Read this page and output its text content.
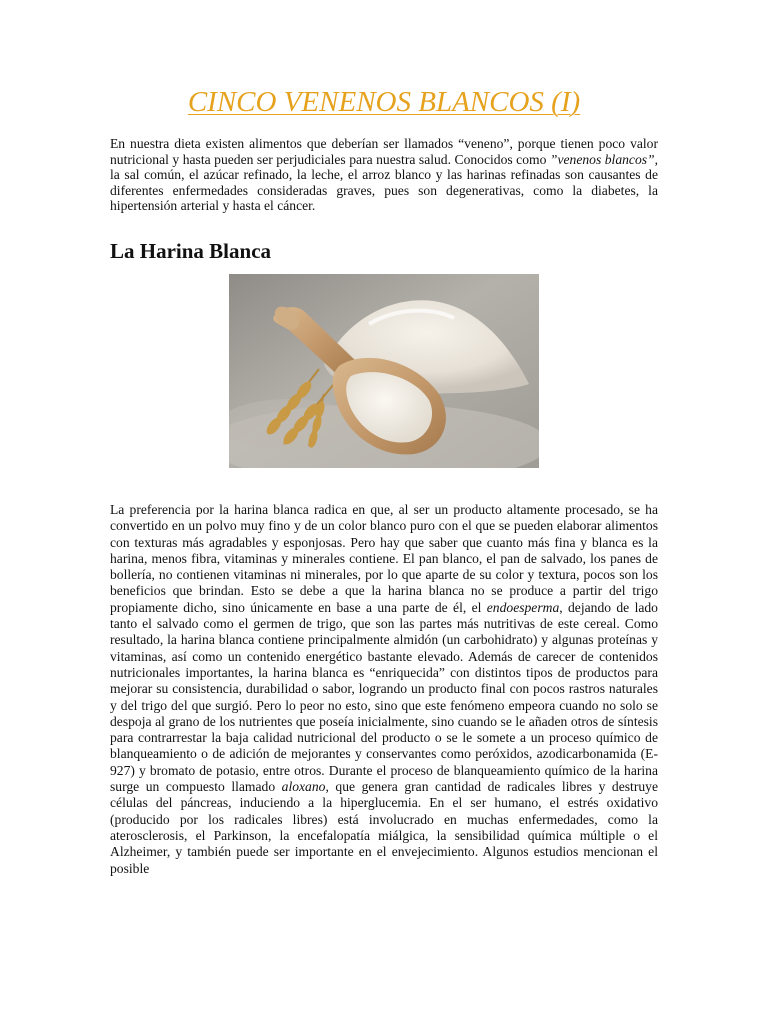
CINCO VENENOS BLANCOS (I)

En nuestra dieta existen alimentos que deberían ser llamados “veneno”, porque tienen poco valor nutricional y hasta pueden ser perjudiciales para nuestra salud. Conocidos como ”venenos blancos”, la sal común, el azúcar refinado, la leche, el arroz blanco y las harinas refinadas son causantes de diferentes enfermedades consideradas graves, pues son degenerativas, como la diabetes, la hipertensión arterial y hasta el cáncer.

La Harina Blanca

La preferencia por la harina blanca radica en que, al ser un producto altamente procesado, se ha convertido en un polvo muy fino y de un color blanco puro con el que se pueden elaborar alimentos con texturas más agradables y esponjosas. Pero hay que saber que cuanto más fina y blanca es la harina, menos fibra, vitaminas y minerales contiene. El pan blanco, el pan de salvado, los panes de bollería, no contienen vitaminas ni minerales, por lo que aparte de su color y textura, pocos son los beneficios que brindan. Esto se debe a que la harina blanca no se produce a partir del trigo propiamente dicho, sino únicamente en base a una parte de él, el endoesperma, dejando de lado tanto el salvado como el germen de trigo, que son las partes más nutritivas de este cereal. Como resultado, la harina blanca contiene principalmente almidón (un carbohidrato) y algunas proteínas y vitaminas, así como un contenido energético bastante elevado. Además de carecer de contenidos nutricionales importantes, la harina blanca es “enriquecida” con distintos tipos de productos para mejorar su consistencia, durabilidad o sabor, logrando un producto final con pocos rastros naturales y del trigo del que surgió. Pero lo peor no esto, sino que este fenómeno empeora cuando no solo se despoja al grano de los nutrientes que poseía inicialmente, sino cuando se le añaden otros de síntesis para contrarrestar la baja calidad nutricional del producto o se le somete a un proceso químico de blanqueamiento o de adición de mejorantes y conservantes como peróxidos, azodicarbonamida (E-927) y bromato de potasio, entre otros. Durante el proceso de blanqueamiento químico de la harina surge un compuesto llamado aloxano, que genera gran cantidad de radicales libres y destruye células del páncreas, induciendo a la hiperglucemia. En el ser humano, el estrés oxidativo (producido por los radicales libres) está involucrado en muchas enfermedades, como la aterosclerosis, el Parkinson, la encefalopatía miálgica, la sensibilidad química múltiple o el Alzheimer, y también puede ser importante en el envejecimiento. Algunos estudios mencionan el posible
